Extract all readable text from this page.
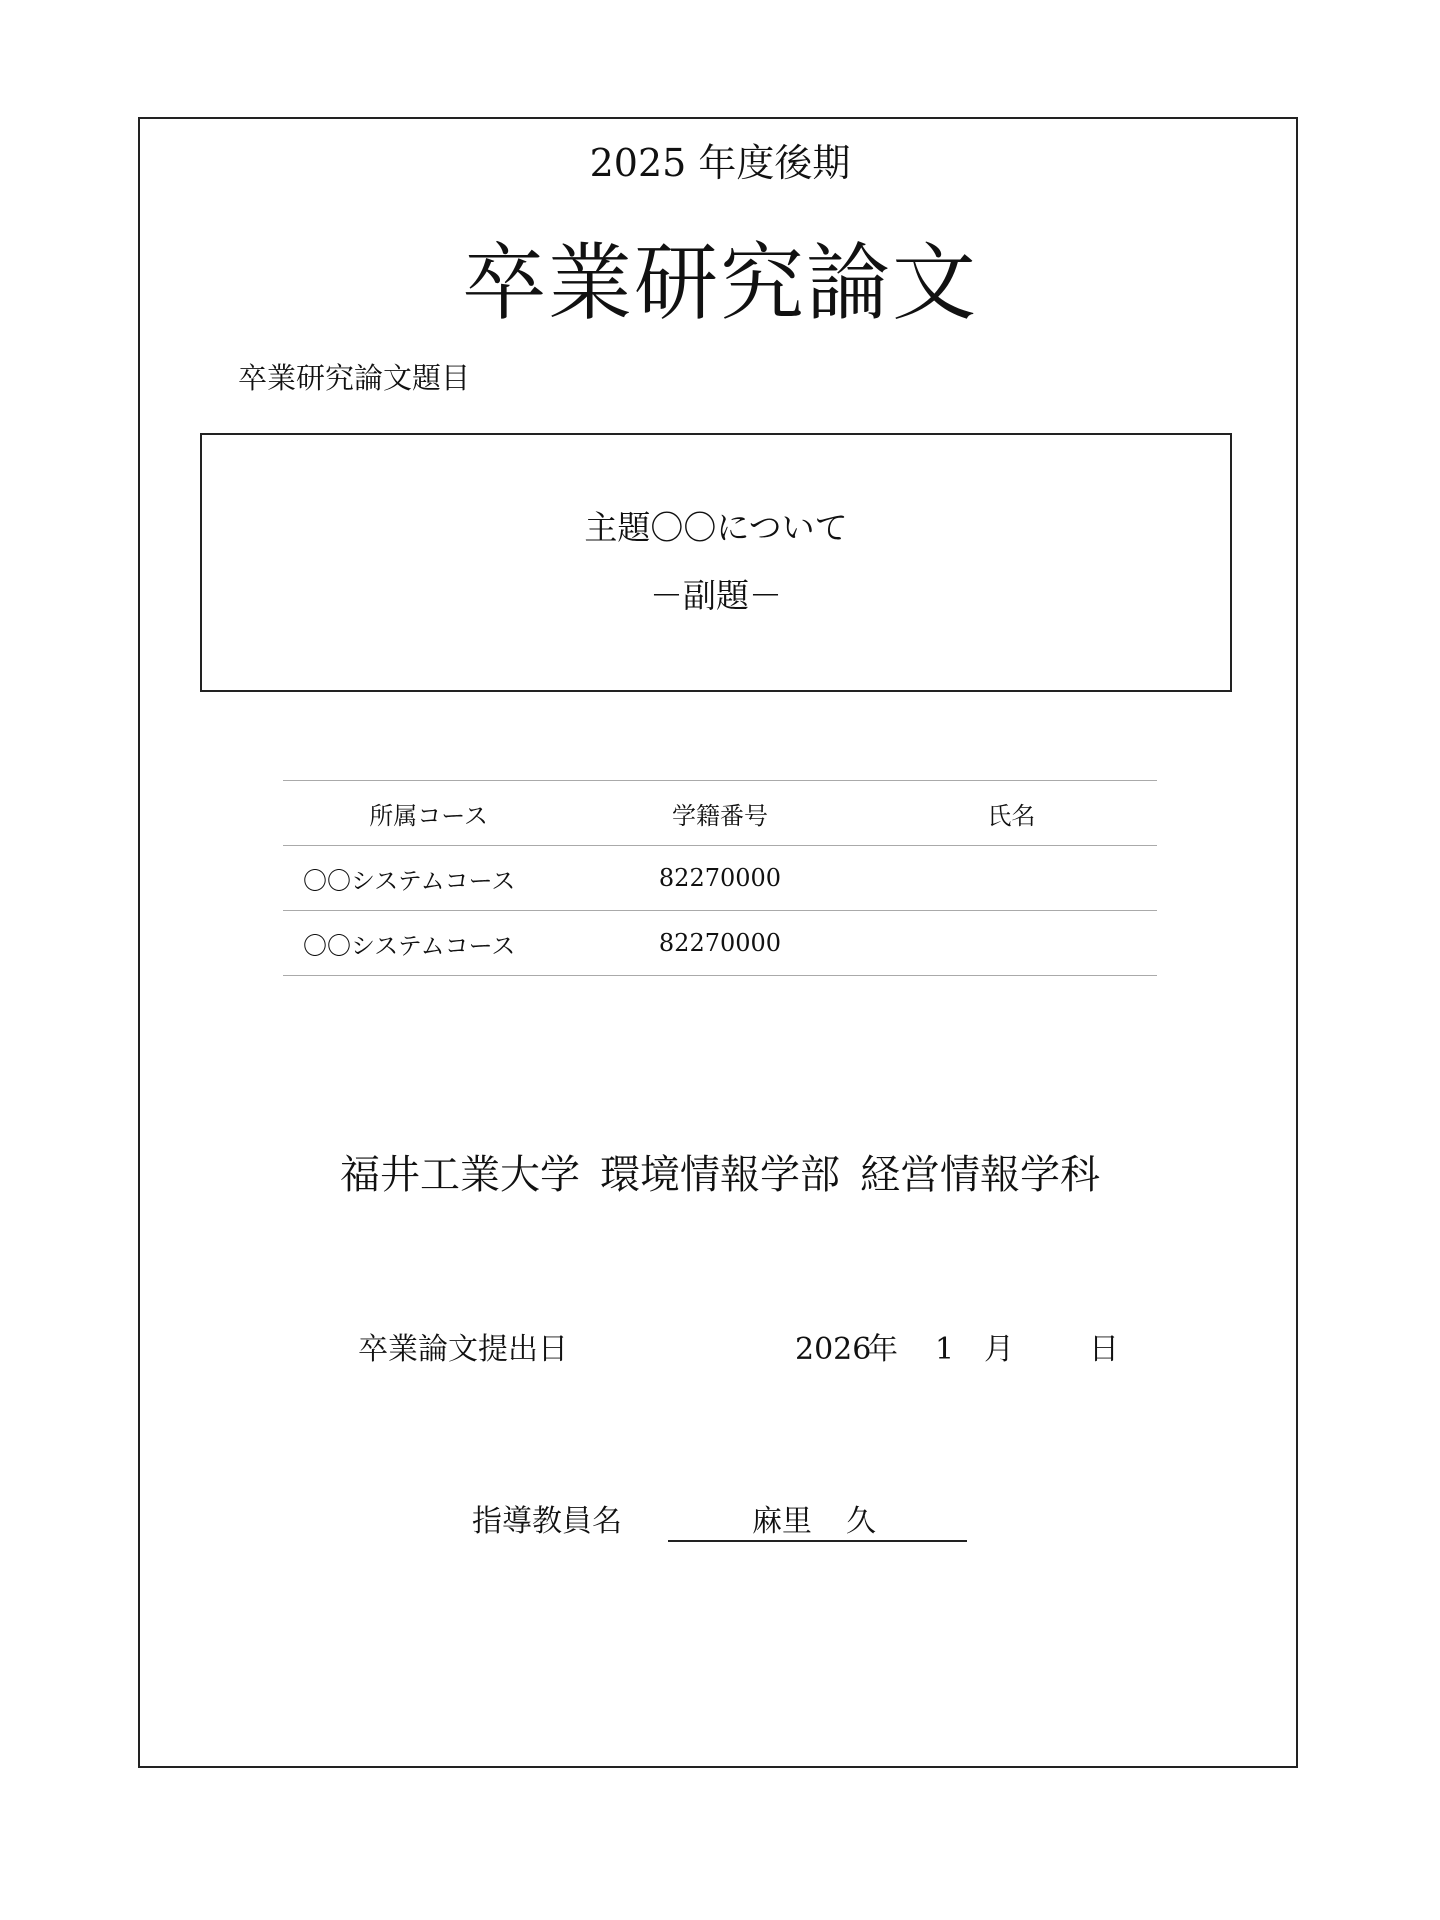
2025 年度後期
卒業研究論文
卒業研究論文題目
主題〇〇について
－副題－
所属コース	学籍番号	氏名
〇〇システムコース	82270000	
〇〇システムコース	82270000	
福井工業大学 環境情報学部 経営情報学科
卒業論文提出日	2026
年 1 月	日
指導教員名	麻里 久
